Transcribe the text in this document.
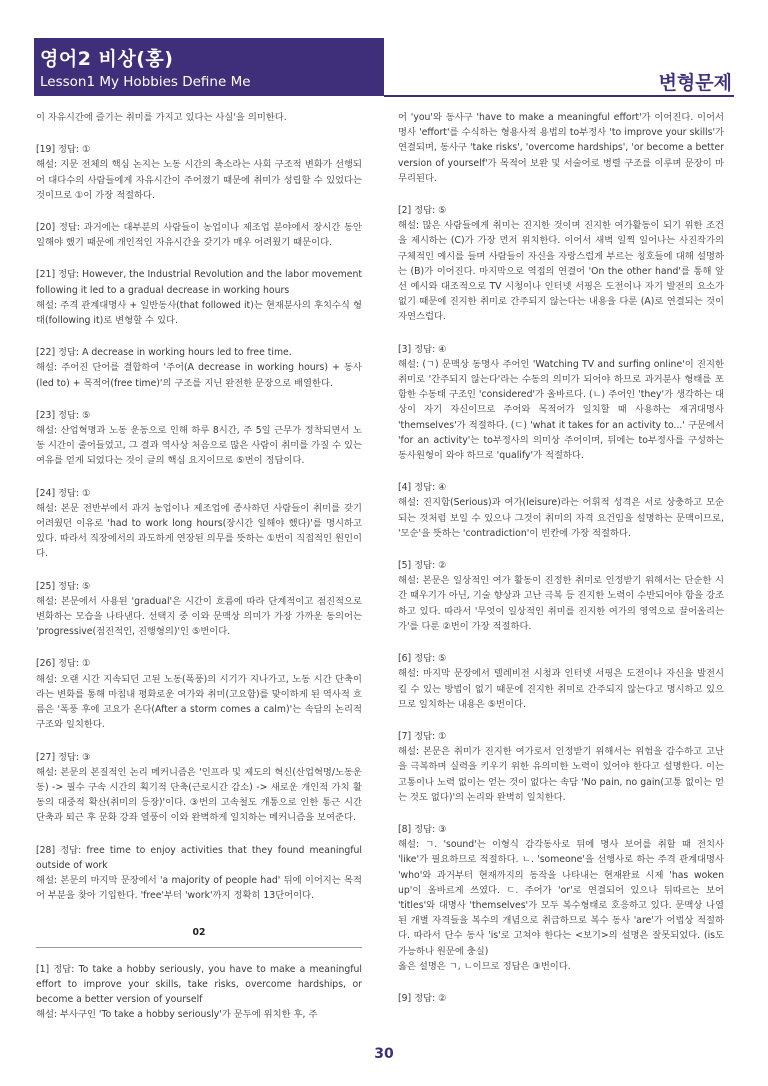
영어2 비상(홍)
Lesson1 My Hobbies Define Me	변형문제

이 자유시간에 즐기는 취미를 가지고 있다는 사실'을 의미한다.

[19] 정답: ①
해설: 지문 전체의 핵심 논지는 노동 시간의 축소라는 사회 구조적 변화가 선행되어 대다수의 사람들에게 자유시간이 주어졌기 때문에 취미가 성립할 수 있었다는 것이므로 ①이 가장 적절하다.

[20] 정답: 과거에는 대부분의 사람들이 농업이나 제조업 분야에서 장시간 동안 일해야 했기 때문에 개인적인 자유시간을 갖기가 매우 어려웠기 때문이다.

[21] 정답: However, the Industrial Revolution and the labor movement following it led to a gradual decrease in working hours
해설: 주격 관계대명사 + 일반동사(that followed it)는 현재분사의 후치수식 형태(following it)로 변형할 수 있다.

[22] 정답: A decrease in working hours led to free time.
해설: 주어진 단어를 결합하여 '주어(A decrease in working hours) + 동사(led to) + 목적어(free time)'의 구조를 지닌 완전한 문장으로 배열한다.

[23] 정답: ⑤
해설: 산업혁명과 노동 운동으로 인해 하루 8시간, 주 5일 근무가 정착되면서 노동 시간이 줄어들었고, 그 결과 역사상 처음으로 많은 사람이 취미를 가질 수 있는 여유를 얻게 되었다는 것이 글의 핵심 요지이므로 ⑤번이 정답이다.

[24] 정답: ①
해설: 본문 전반부에서 과거 농업이나 제조업에 종사하던 사람들이 취미를 갖기 어려웠던 이유로 'had to work long hours(장시간 일해야 했다)'를 명시하고 있다. 따라서 직장에서의 과도하게 연장된 의무를 뜻하는 ①번이 직접적인 원인이다.

[25] 정답: ⑤
해설: 본문에서 사용된 'gradual'은 시간이 흐름에 따라 단계적이고 점진적으로 변화하는 모습을 나타낸다. 선택지 중 이와 문맥상 의미가 가장 가까운 동의어는 'progressive(점진적인, 진행형의)'인 ⑤번이다.

[26] 정답: ①
해설: 오랜 시간 지속되던 고된 노동(폭풍)의 시기가 지나가고, 노동 시간 단축이라는 변화를 통해 마침내 평화로운 여가와 취미(고요함)를 맞이하게 된 역사적 흐름은 '폭풍 후에 고요가 온다(After a storm comes a calm)'는 속담의 논리적 구조와 일치한다.

[27] 정답: ③
해설: 본문의 본질적인 논리 메커니즘은 '인프라 및 제도의 혁신(산업혁명/노동운동) -> 필수 구속 시간의 획기적 단축(근로시간 감소) -> 새로운 개인적 가치 활동의 대중적 확산(취미의 등장)'이다. ③번의 고속철도 개통으로 인한 통근 시간 단축과 퇴근 후 문화 강좌 열풍이 이와 완벽하게 일치하는 메커니즘을 보여준다.

[28] 정답: free time to enjoy activities that they found meaningful outside of work
해설: 본문의 마지막 문장에서 'a majority of people had' 뒤에 이어지는 목적어 부분을 찾아 기입한다. 'free'부터 'work'까지 정확히 13단어이다.

02

[1] 정답: To take a hobby seriously, you have to make a meaningful effort to improve your skills, take risks, overcome hardships, or become a better version of yourself
해설: 부사구인 'To take a hobby seriously'가 문두에 위치한 후, 주

어 'you'와 동사구 'have to make a meaningful effort'가 이어진다. 이어서 명사 'effort'를 수식하는 형용사적 용법의 to부정사 'to improve your skills'가 연결되며, 동사구 'take risks', 'overcome hardships', 'or become a better version of yourself'가 목적어 보완 및 서술어로 병렬 구조를 이루며 문장이 마무리된다.

[2] 정답: ⑤
해설: 많은 사람들에게 취미는 진지한 것이며 진지한 여가활동이 되기 위한 조건을 제시하는 (C)가 가장 먼저 위치한다. 이어서 새벽 일찍 일어나는 사진작가의 구체적인 예시를 들며 사람들이 자신을 자랑스럽게 부르는 칭호들에 대해 설명하는 (B)가 이어진다. 마지막으로 역접의 연결어 'On the other hand'를 통해 앞선 예시와 대조적으로 TV 시청이나 인터넷 서핑은 도전이나 자기 발전의 요소가 없기 때문에 진지한 취미로 간주되지 않는다는 내용을 다룬 (A)로 연결되는 것이 자연스럽다.

[3] 정답: ④
해설: (ㄱ) 문맥상 동명사 주어인 'Watching TV and surfing online'이 진지한 취미로 '간주되지 않는다'라는 수동의 의미가 되어야 하므로 과거분사 형태를 포함한 수동태 구조인 'considered'가 올바르다. (ㄴ) 주어인 'they'가 생각하는 대상이 자기 자신이므로 주어와 목적어가 일치할 때 사용하는 재귀대명사 'themselves'가 적절하다. (ㄷ) 'what it takes for an activity to...' 구문에서 'for an activity'는 to부정사의 의미상 주어이며, 뒤에는 to부정사를 구성하는 동사원형이 와야 하므로 'qualify'가 적절하다.

[4] 정답: ④
해설: 진지함(Serious)과 여가(leisure)라는 어휘적 성격은 서로 상충하고 모순되는 것처럼 보일 수 있으나 그것이 취미의 자격 요건임을 설명하는 문맥이므로, '모순'을 뜻하는 'contradiction'이 빈칸에 가장 적절하다.

[5] 정답: ②
해설: 본문은 일상적인 여가 활동이 진정한 취미로 인정받기 위해서는 단순한 시간 때우기가 아닌, 기술 향상과 고난 극복 등 진지한 노력이 수반되어야 함을 강조하고 있다. 따라서 '무엇이 일상적인 취미를 진지한 여가의 영역으로 끌어올리는가'를 다룬 ②번이 가장 적절하다.

[6] 정답: ⑤
해설: 마지막 문장에서 텔레비전 시청과 인터넷 서핑은 도전이나 자신을 발전시킬 수 있는 방법이 없기 때문에 진지한 취미로 간주되지 않는다고 명시하고 있으므로 일치하는 내용은 ⑤번이다.

[7] 정답: ①
해설: 본문은 취미가 진지한 여가로서 인정받기 위해서는 위험을 감수하고 고난을 극복하며 실력을 키우기 위한 유의미한 노력이 있어야 한다고 설명한다. 이는 고통이나 노력 없이는 얻는 것이 없다는 속담 'No pain, no gain(고통 없이는 얻는 것도 없다)'의 논리와 완벽히 일치한다.

[8] 정답: ③
해설: ㄱ. 'sound'는 이형식 감각동사로 뒤에 명사 보어를 취할 때 전치사 'like'가 필요하므로 적절하다. ㄴ. 'someone'을 선행사로 하는 주격 관계대명사 'who'와 과거부터 현재까지의 동작을 나타내는 현재완료 시제 'has woken up'이 올바르게 쓰였다. ㄷ. 주어가 'or'로 연결되어 있으나 뒤따르는 보어 'titles'와 대명사 'themselves'가 모두 복수형태로 호응하고 있다. 문맥상 나열된 개별 자격들을 복수의 개념으로 취급하므로 복수 동사 'are'가 어법상 적절하다. 따라서 단수 동사 'is'로 고쳐야 한다는 <보기>의 설명은 잘못되었다. (is도 가능하나 원문에 충실)
옳은 설명은 ㄱ, ㄴ이므로 정답은 ③번이다.

[9] 정답: ②

30
